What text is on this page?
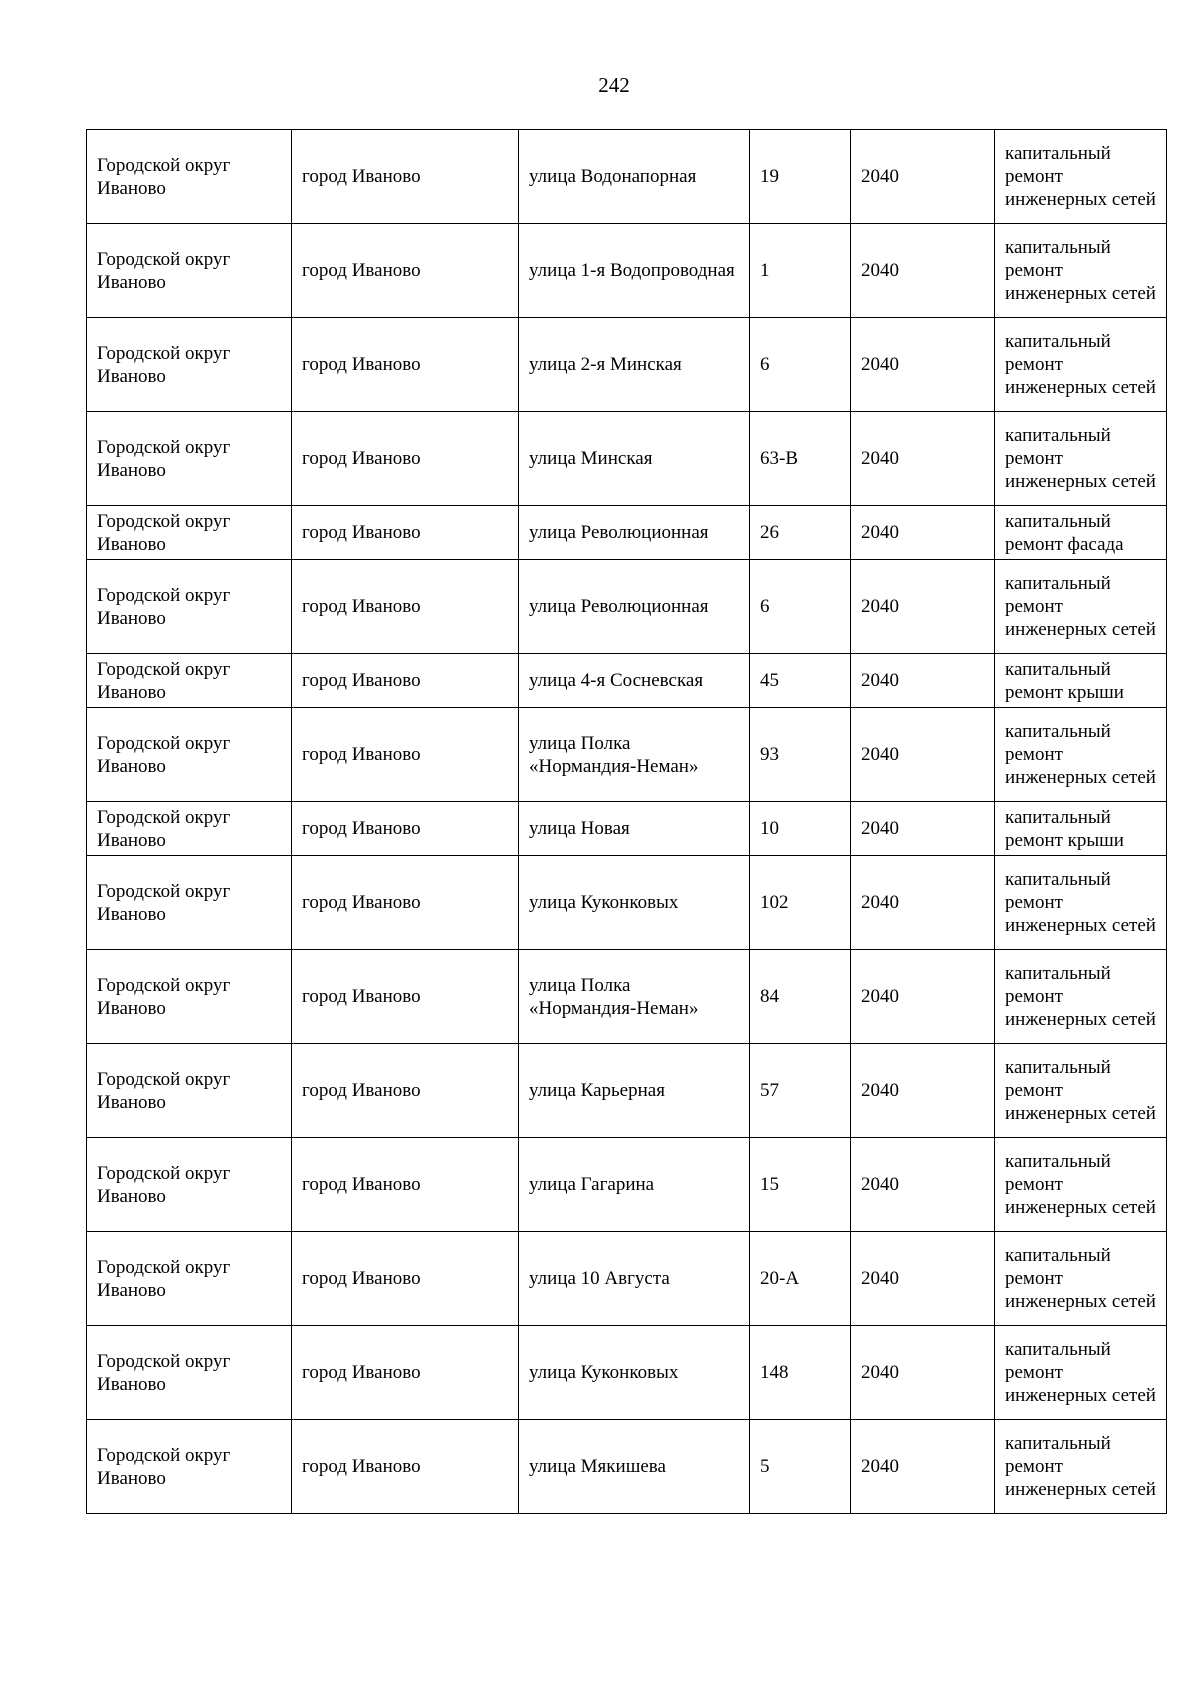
242
Городской округ Иваново	город Иваново	улица Водонапорная	19	2040	капитальный ремонт инженерных сетей
Городской округ Иваново	город Иваново	улица 1-я Водопроводная	1	2040	капитальный ремонт инженерных сетей
Городской округ Иваново	город Иваново	улица 2-я Минская	6	2040	капитальный ремонт инженерных сетей
Городской округ Иваново	город Иваново	улица Минская	63-В	2040	капитальный ремонт инженерных сетей
Городской округ Иваново	город Иваново	улица Революционная	26	2040	капитальный ремонт фасада
Городской округ Иваново	город Иваново	улица Революционная	6	2040	капитальный ремонт инженерных сетей
Городской округ Иваново	город Иваново	улица 4-я Сосневская	45	2040	капитальный ремонт крыши
Городской округ Иваново	город Иваново	улица Полка «Нормандия-Неман»	93	2040	капитальный ремонт инженерных сетей
Городской округ Иваново	город Иваново	улица Новая	10	2040	капитальный ремонт крыши
Городской округ Иваново	город Иваново	улица Куконковых	102	2040	капитальный ремонт инженерных сетей
Городской округ Иваново	город Иваново	улица Полка «Нормандия-Неман»	84	2040	капитальный ремонт инженерных сетей
Городской округ Иваново	город Иваново	улица Карьерная	57	2040	капитальный ремонт инженерных сетей
Городской округ Иваново	город Иваново	улица Гагарина	15	2040	капитальный ремонт инженерных сетей
Городской округ Иваново	город Иваново	улица 10 Августа	20-А	2040	капитальный ремонт инженерных сетей
Городской округ Иваново	город Иваново	улица Куконковых	148	2040	капитальный ремонт инженерных сетей
Городской округ Иваново	город Иваново	улица Мякишева	5	2040	капитальный ремонт инженерных сетей
